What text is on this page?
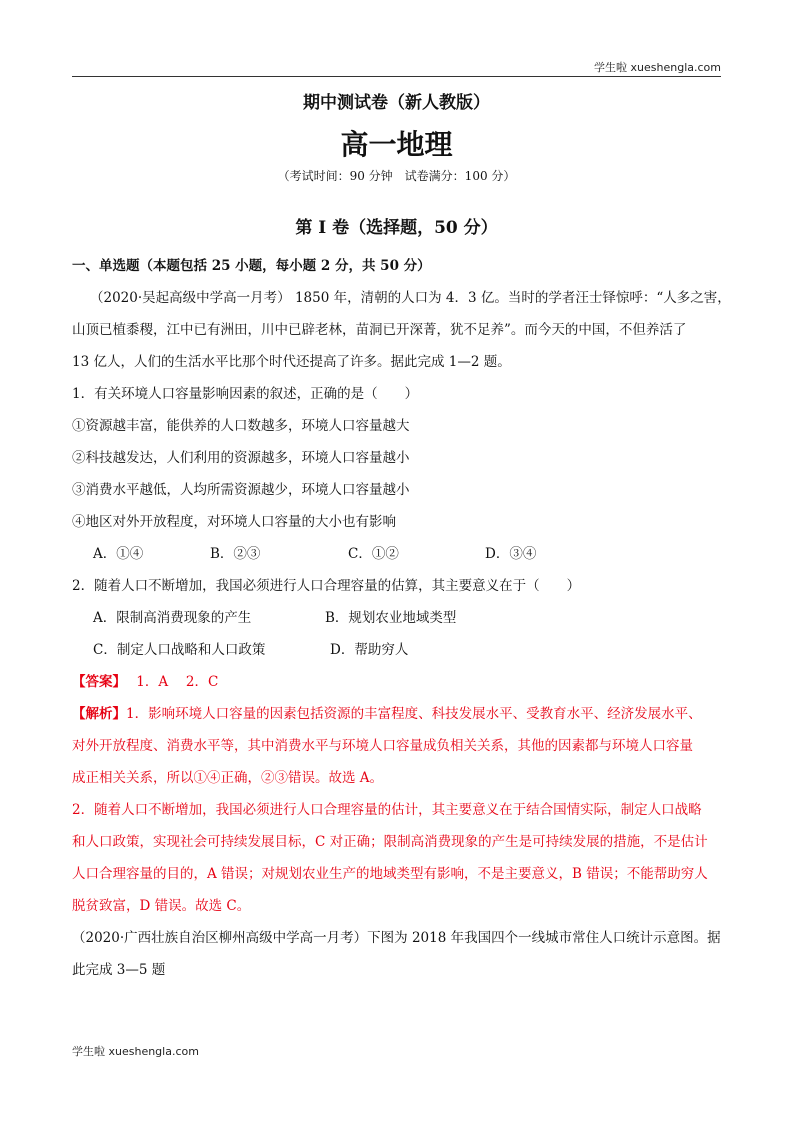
学生啦 xueshengla.com
期中测试卷（新人教版）
高一地理
（考试时间：90 分钟　试卷满分：100 分）
第 I 卷（选择题，50 分）
一、单选题（本题包括 25 小题，每小题 2 分，共 50 分）
（2020·吴起高级中学高一月考） 1850 年，清朝的人口为 4．3 亿。当时的学者汪士铎惊呼：“人多之害，
山顶已植黍稷，江中已有洲田，川中已辟老林，苗洞已开深菁，犹不足养”。而今天的中国，不但养活了
13 亿人，人们的生活水平比那个时代还提高了许多。据此完成 1—2 题。
1．有关环境人口容量影响因素的叙述，正确的是（　　）
①资源越丰富，能供养的人口数越多，环境人口容量越大
②科技越发达，人们利用的资源越多，环境人口容量越小
③消费水平越低，人均所需资源越少，环境人口容量越小
④地区对外开放程度，对环境人口容量的大小也有影响
A．①④	B．②③	C．①②	D．③④
2．随着人口不断增加，我国必须进行人口合理容量的估算，其主要意义在于（　　）
A．限制高消费现象的产生	B．规划农业地域类型
C．制定人口战略和人口政策	D．帮助穷人
【答案】 1．A　 2．C
【解析】1．影响环境人口容量的因素包括资源的丰富程度、科技发展水平、受教育水平、经济发展水平、
对外开放程度、消费水平等，其中消费水平与环境人口容量成负相关关系，其他的因素都与环境人口容量
成正相关关系，所以①④正确，②③错误。故选 A。
2．随着人口不断增加，我国必须进行人口合理容量的估计，其主要意义在于结合国情实际，制定人口战略
和人口政策，实现社会可持续发展目标，C 对正确；限制高消费现象的产生是可持续发展的措施，不是估计
人口合理容量的目的，A 错误；对规划农业生产的地域类型有影响，不是主要意义，B 错误；不能帮助穷人
脱贫致富，D 错误。故选 C。
（2020·广西壮族自治区柳州高级中学高一月考）下图为 2018 年我国四个一线城市常住人口统计示意图。据
此完成 3—5 题
学生啦 xueshengla.com
